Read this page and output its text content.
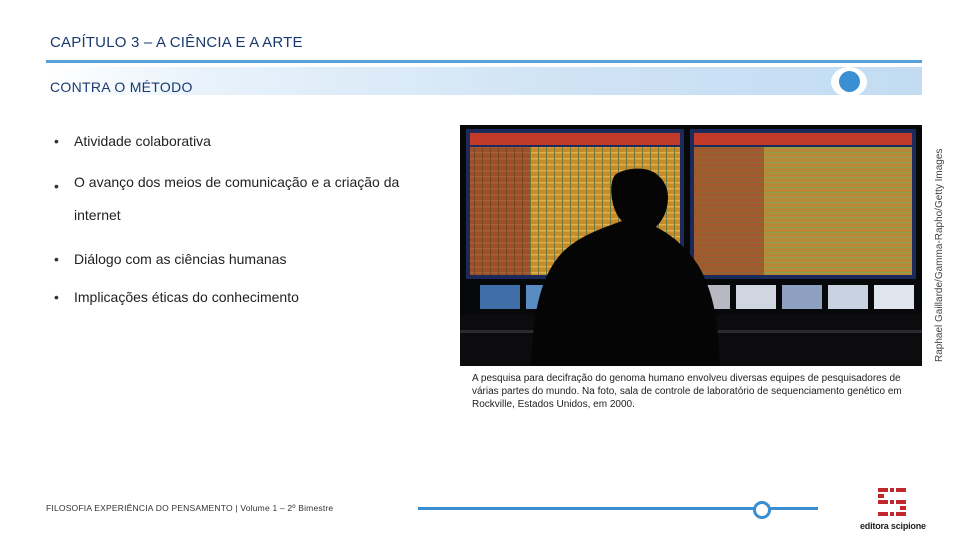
CAPÍTULO 3 – A CIÊNCIA E A ARTE
CONTRA O MÉTODO
• Atividade colaborativa
• O avanço dos meios de comunicação e a criação da internet
• Diálogo com as ciências humanas
• Implicações éticas do conhecimento	Raphael Gaillarde/Gamma-Rapho/Getty Images
A pesquisa para decifração do genoma humano envolveu diversas equipes de pesquisadores de várias partes do mundo. Na foto, sala de controle de laboratório de sequenciamento genético em Rockville, Estados Unidos, em 2000.
FILOSOFIA EXPERIÊNCIA DO PENSAMENTO | Volume 1 – 2º Bimestre
editora scipione
